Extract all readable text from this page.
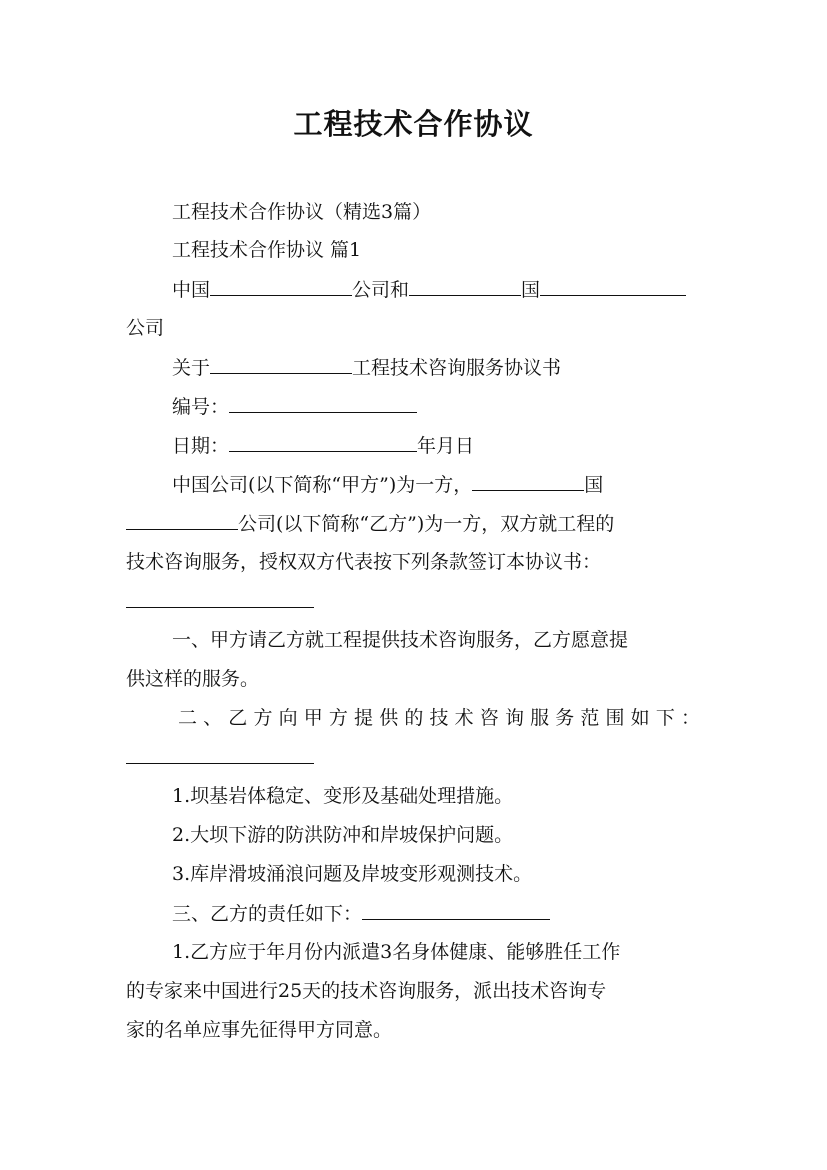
工程技术合作协议
工程技术合作协议（精选3篇）
工程技术合作协议 篇1
中国	公司和	国
公司
关于	工程技术咨询服务协议书
编号：
日期：	年月日
中国公司(以下简称“甲方”)为一方，	国
公司(以下简称“乙方”)为一方，双方就工程的
技术咨询服务，授权双方代表按下列条款签订本协议书：
一、甲方请乙方就工程提供技术咨询服务，乙方愿意提
供这样的服务。
二、乙方向甲方提供的技术咨询服务范围如下：
1.坝基岩体稳定、变形及基础处理措施。
2.大坝下游的防洪防冲和岸坡保护问题。
3.库岸滑坡涌浪问题及岸坡变形观测技术。
三、乙方的责任如下：
1.乙方应于年月份内派遣3名身体健康、能够胜任工作
的专家来中国进行25天的技术咨询服务，派出技术咨询专
家的名单应事先征得甲方同意。
